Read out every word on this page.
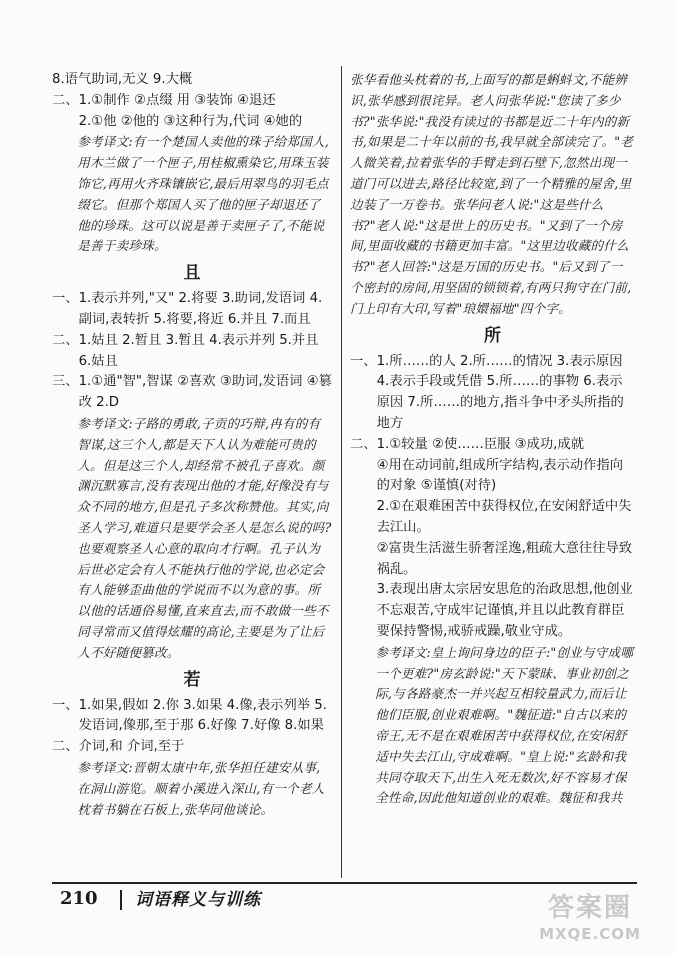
8.语气助词,无义 9.大概

二、1.①制作 ②点缀 用 ③装饰 ④退还

2.①他 ②他的 ③这种行为,代词 ④她的

参考译文:有一个楚国人卖他的珠子给郑国人,用木兰做了一个匣子,用桂椒熏染它,用珠玉装饰它,再用火齐珠镶嵌它,最后用翠鸟的羽毛点缀它。但那个郑国人买了他的匣子却退还了他的珍珠。这可以说是善于卖匣子了,不能说是善于卖珍珠。

且

一、1.表示并列,"又" 2.将要 3.助词,发语词 4.副词,表转折 5.将要,将近 6.并且 7.而且

二、1.姑且 2.暂且 3.暂且 4.表示并列 5.并且 6.姑且

三、1.①通"智",智谋 ②喜欢 ③助词,发语词 ④篡改 2.D

参考译文:子路的勇敢,子贡的巧辩,冉有的有智谋,这三个人,都是天下人认为难能可贵的人。但是这三个人,却经常不被孔子喜欢。颜渊沉默寡言,没有表现出他的才能,好像没有与众不同的地方,但是孔子多次称赞他。其实,向圣人学习,难道只是要学会圣人是怎么说的吗?也要观察圣人心意的取向才行啊。孔子认为后世必定会有人不能执行他的学说,也必定会有人能够歪曲他的学说而不以为意的事。所以他的话通俗易懂,直来直去,而不敢做一些不同寻常而又值得炫耀的高论,主要是为了让后人不好随便篡改。

若

一、1.如果,假如 2.你 3.如果 4.像,表示列举 5.发语词,像那,至于那 6.好像 7.好像 8.如果

二、介词,和 介词,至于

参考译文:晋朝太康中年,张华担任建安从事,在洞山游览。顺着小溪进入深山,有一个老人枕着书躺在石板上,张华同他谈论。

张华看他头枕着的书,上面写的都是蝌蚪文,不能辨识,张华感到很诧异。老人问张华说:"您读了多少书?"张华说:"我没有读过的书都是近二十年内的新书,如果是二十年以前的书,我早就全部读完了。"老人微笑着,拉着张华的手臂走到石壁下,忽然出现一道门可以进去,路径比较宽,到了一个精雅的屋舍,里边装了一万卷书。张华问老人说:"这是些什么书?"老人说:"这是世上的历史书。"又到了一个房间,里面收藏的书籍更加丰富。"这里边收藏的什么书?"老人回答:"这是万国的历史书。"后又到了一个密封的房间,用坚固的锁锁着,有两只狗守在门前,门上印有大印,写着"琅嬛福地"四个字。

所

一、1.所……的人 2.所……的情况 3.表示原因 4.表示手段或凭借 5.所……的事物 6.表示原因 7.所……的地方,指斗争中矛头所指的地方

二、1.①较量 ②使……臣服 ③成功,成就

④用在动词前,组成所字结构,表示动作指向的对象 ⑤谨慎(对待)

2.①在艰难困苦中获得权位,在安闲舒适中失去江山。

②富贵生活滋生骄奢淫逸,粗疏大意往往导致祸乱。

3.表现出唐太宗居安思危的治政思想,他创业不忘艰苦,守成牢记谨慎,并且以此教育群臣要保持警惕,戒骄戒躁,敬业守成。

参考译文:皇上询问身边的臣子:"创业与守成哪一个更难?"房玄龄说:"天下蒙昧、事业初创之际,与各路豪杰一并兴起互相较量武力,而后让他们臣服,创业艰难啊。"魏征道:"自古以来的帝王,无不是在艰难困苦中获得权位,在安闲舒适中失去江山,守成难啊。"皇上说:"玄龄和我共同夺取天下,出生入死无数次,好不容易才保全性命,因此他知道创业的艰难。魏征和我共

210 词语释义与训练	答案圈
MXQE.COM
